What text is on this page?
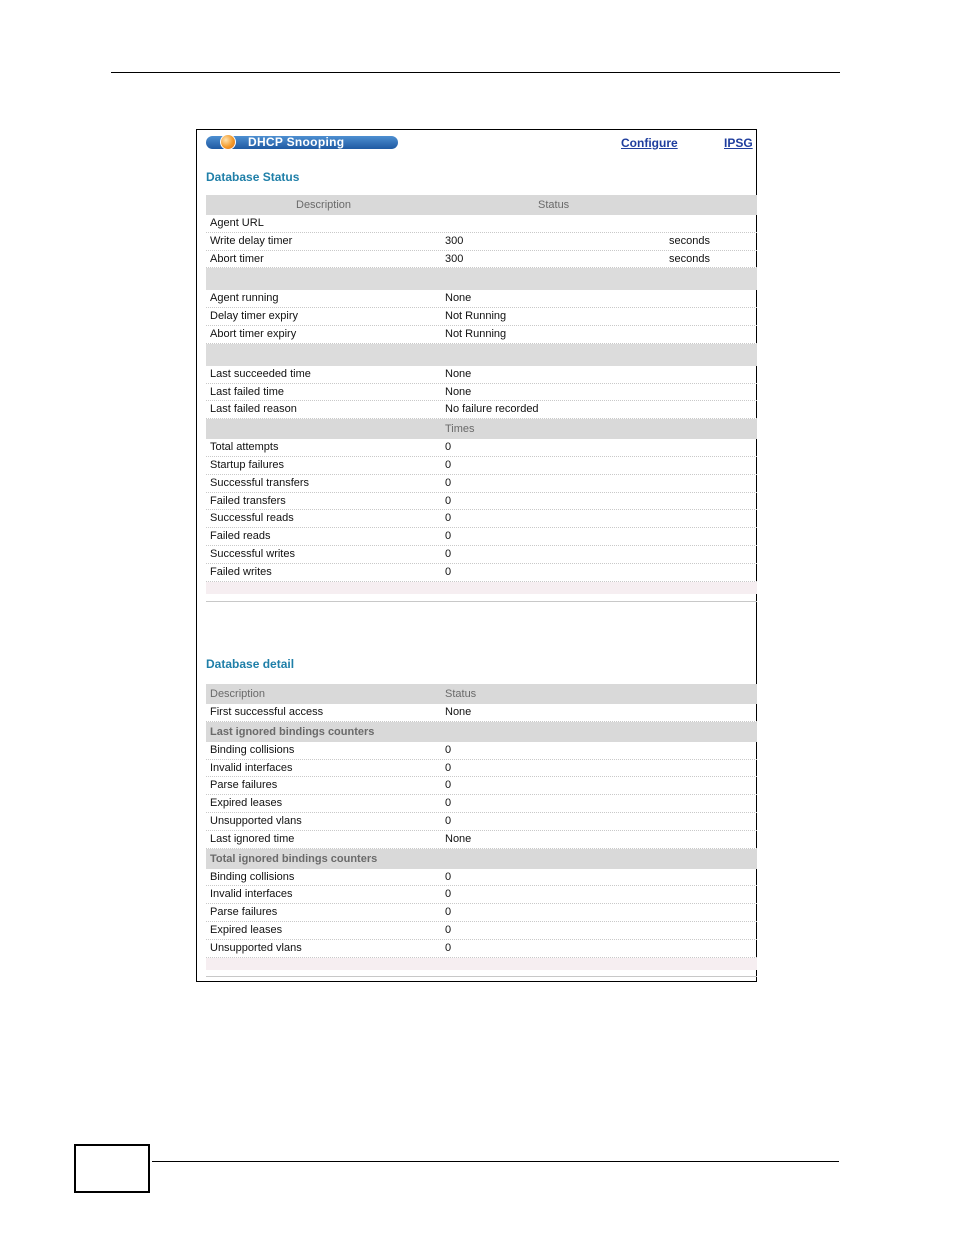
DHCP Snooping	Configure	IPSG
Database Status
Description	Status
Agent URL
Write delay timer	300	seconds
Abort timer	300	seconds
Agent running	None
Delay timer expiry	Not Running
Abort timer expiry	Not Running
Last succeeded time	None
Last failed time	None
Last failed reason	No failure recorded
Times
Total attempts	0
Startup failures	0
Successful transfers	0
Failed transfers	0
Successful reads	0
Failed reads	0
Successful writes	0
Failed writes	0
Database detail
Description	Status
First successful access	None
Last ignored bindings counters
Binding collisions	0
Invalid interfaces	0
Parse failures	0
Expired leases	0
Unsupported vlans	0
Last ignored time	None
Total ignored bindings counters
Binding collisions	0
Invalid interfaces	0
Parse failures	0
Expired leases	0
Unsupported vlans	0
